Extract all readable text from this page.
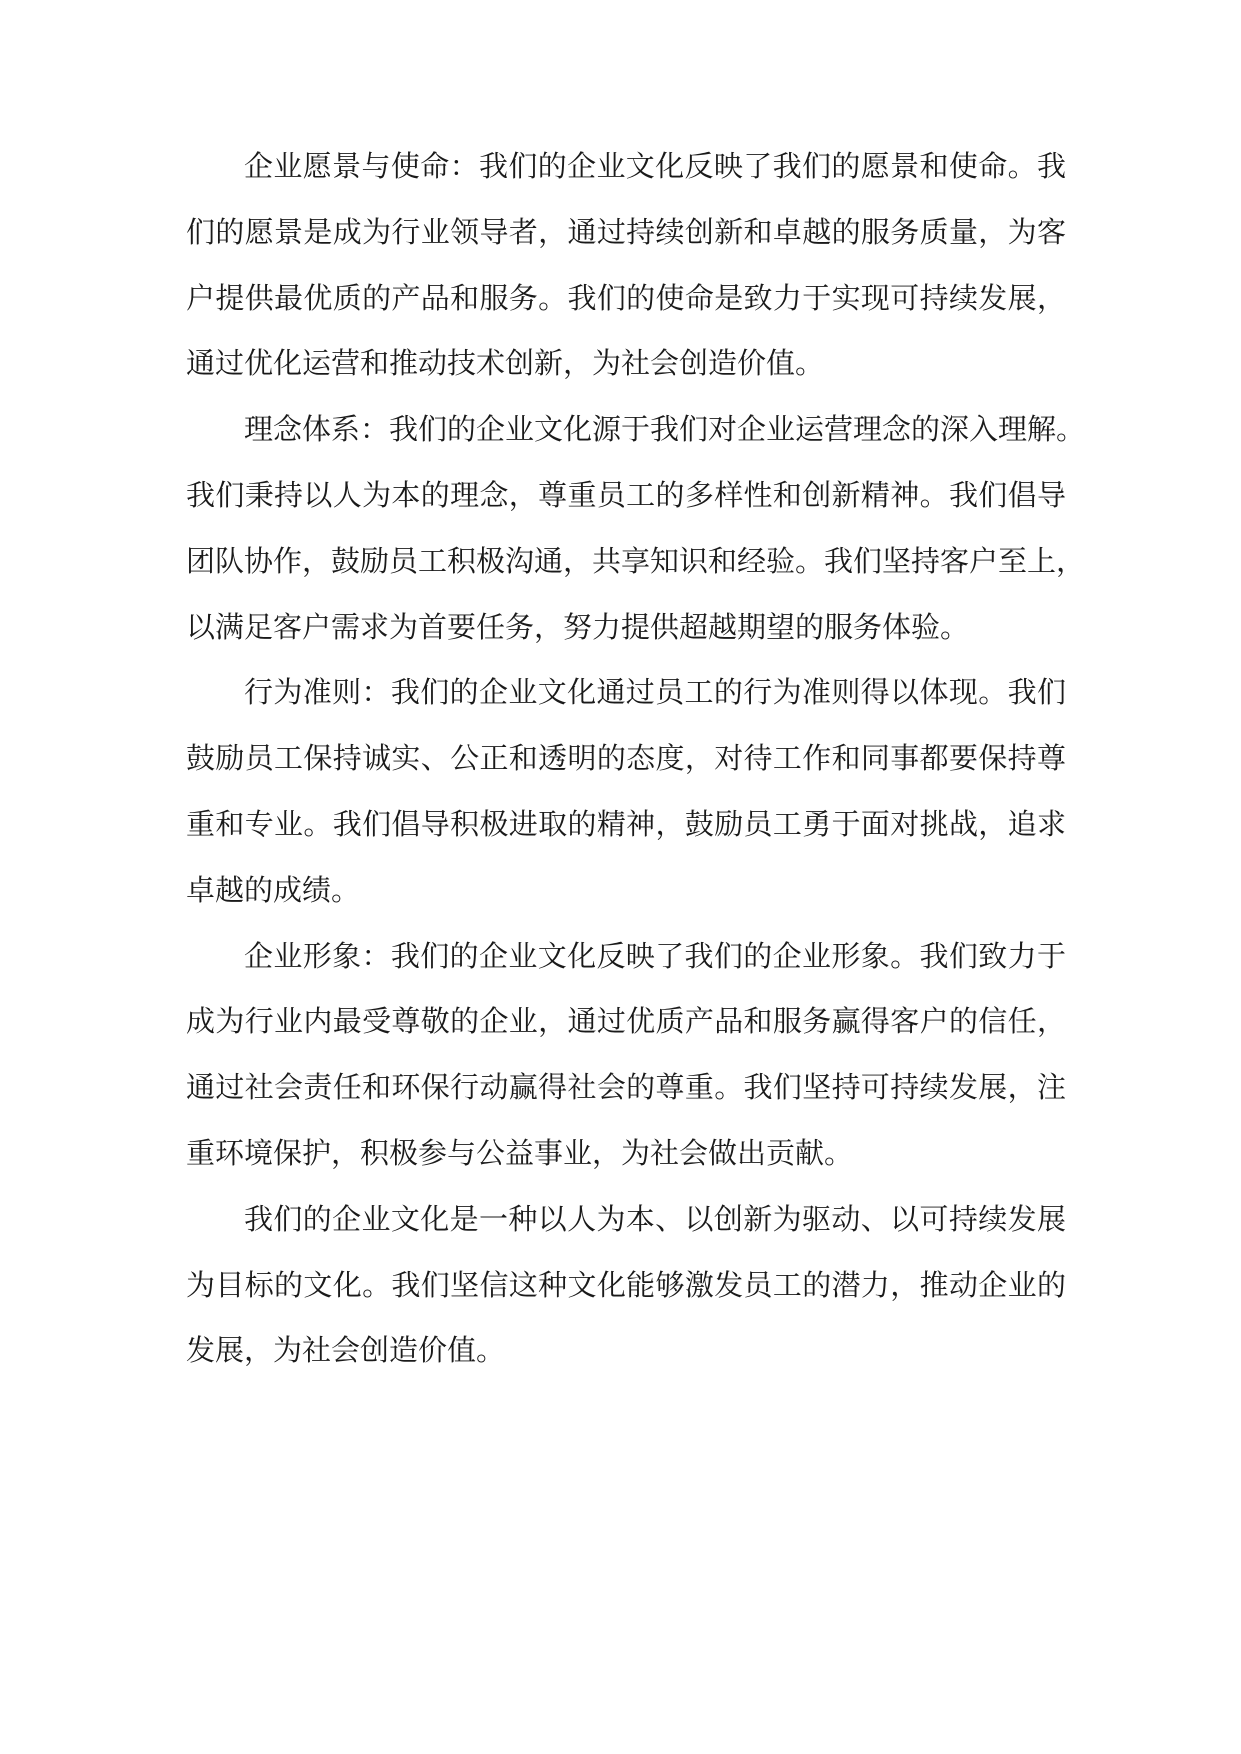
企业愿景与使命：我们的企业文化反映了我们的愿景和使命。我
们的愿景是成为行业领导者，通过持续创新和卓越的服务质量，为客
户提供最优质的产品和服务。我们的使命是致力于实现可持续发展，
通过优化运营和推动技术创新，为社会创造价值。
理念体系：我们的企业文化源于我们对企业运营理念的深入理解。
我们秉持以人为本的理念，尊重员工的多样性和创新精神。我们倡导
团队协作，鼓励员工积极沟通，共享知识和经验。我们坚持客户至上，
以满足客户需求为首要任务，努力提供超越期望的服务体验。
行为准则：我们的企业文化通过员工的行为准则得以体现。我们
鼓励员工保持诚实、公正和透明的态度，对待工作和同事都要保持尊
重和专业。我们倡导积极进取的精神，鼓励员工勇于面对挑战，追求
卓越的成绩。
企业形象：我们的企业文化反映了我们的企业形象。我们致力于
成为行业内最受尊敬的企业，通过优质产品和服务赢得客户的信任，
通过社会责任和环保行动赢得社会的尊重。我们坚持可持续发展，注
重环境保护，积极参与公益事业，为社会做出贡献。
我们的企业文化是一种以人为本、以创新为驱动、以可持续发展
为目标的文化。我们坚信这种文化能够激发员工的潜力，推动企业的
发展，为社会创造价值。
